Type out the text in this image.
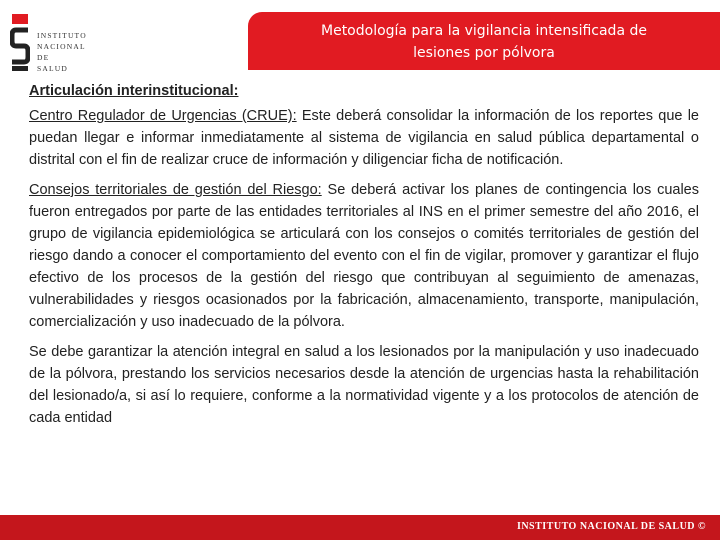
INSTITUTO
NACIONAL DE
SALUD
Metodología para la vigilancia intensificada de
lesiones por pólvora

Articulación interinstitucional:

Centro Regulador de Urgencias (CRUE): Este deberá consolidar la información de los reportes que le puedan llegar e informar inmediatamente al sistema de vigilancia en salud pública departamental o distrital con el fin de realizar cruce de información y diligenciar ficha de notificación.

Consejos territoriales de gestión del Riesgo: Se deberá activar los planes de contingencia los cuales fueron entregados por parte de las entidades territoriales al INS en el primer semestre del año 2016, el grupo de vigilancia epidemiológica se articulará con los consejos o comités territoriales de gestión del riesgo dando a conocer el comportamiento del evento con el fin de vigilar, promover y garantizar el flujo efectivo de los procesos de la gestión del riesgo que contribuyan al seguimiento de amenazas, vulnerabilidades y riesgos ocasionados por la fabricación, almacenamiento, transporte, manipulación, comercialización y uso inadecuado de la pólvora.

Se debe garantizar la atención integral en salud a los lesionados por la manipulación y uso inadecuado de la pólvora, prestando los servicios necesarios desde la atención de urgencias hasta la rehabilitación del lesionado/a, si así lo requiere, conforme a la normatividad vigente y a los protocolos de atención de cada entidad

INSTITUTO NACIONAL DE SALUD ©
